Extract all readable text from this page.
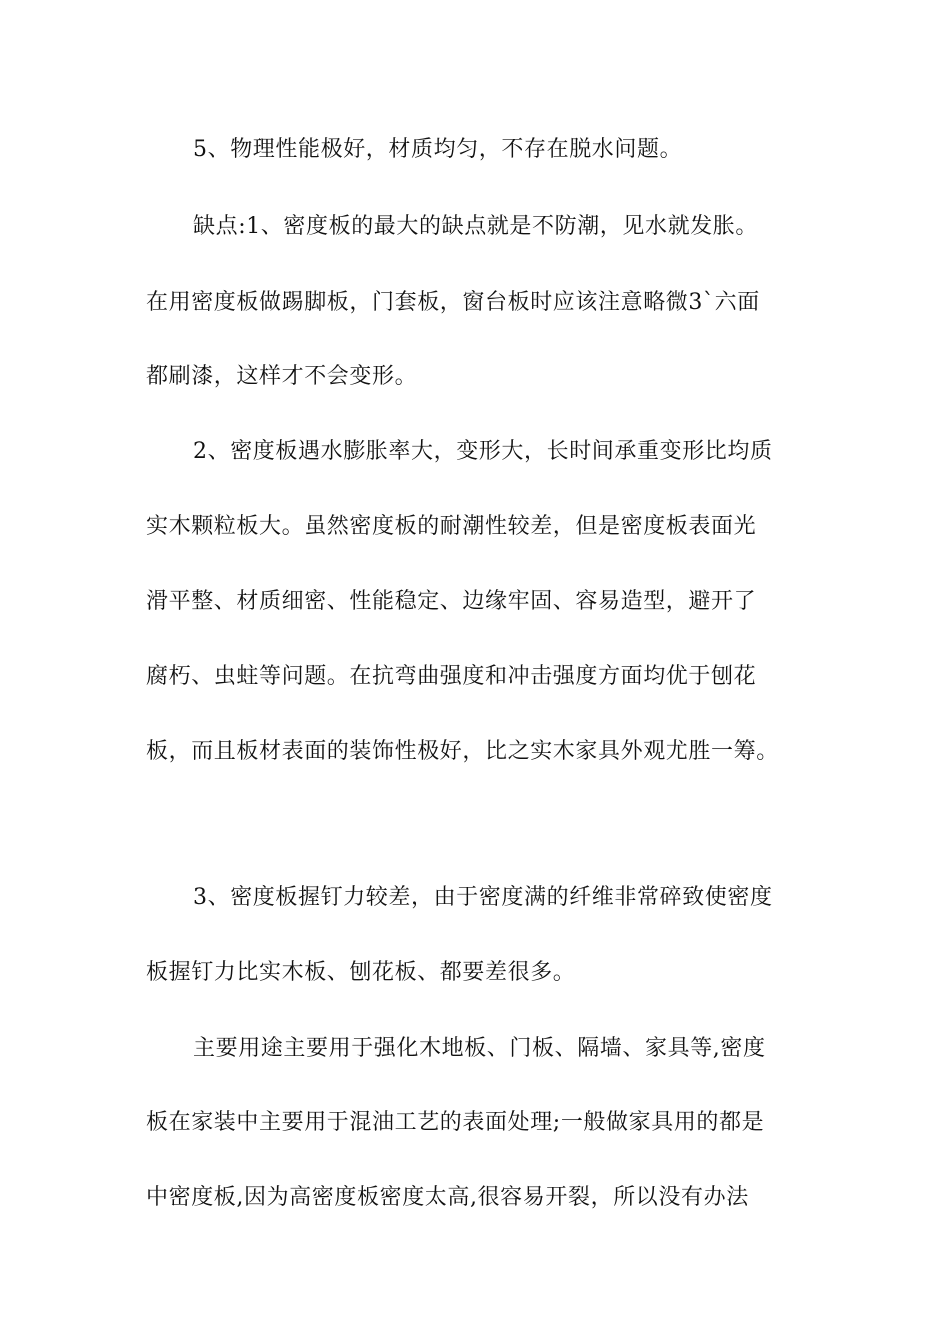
5、物理性能极好，材质均匀，不存在脱水问题。
缺点:1、密度板的最大的缺点就是不防潮，见水就发胀。
在用密度板做踢脚板，门套板，窗台板时应该注意略微3`六面
都刷漆，这样才不会变形。
2、密度板遇水膨胀率大，变形大，长时间承重变形比均质
实木颗粒板大。虽然密度板的耐潮性较差，但是密度板表面光
滑平整、材质细密、性能稳定、边缘牢固、容易造型，避开了
腐朽、虫蛀等问题。在抗弯曲强度和冲击强度方面均优于刨花
板，而且板材表面的装饰性极好，比之实木家具外观尤胜一筹。
3、密度板握钉力较差，由于密度满的纤维非常碎致使密度
板握钉力比实木板、刨花板、都要差很多。
主要用途主要用于强化木地板、门板、隔墙、家具等,密度
板在家装中主要用于混油工艺的表面处理;一般做家具用的都是
中密度板,因为高密度板密度太高,很容易开裂，所以没有办法
